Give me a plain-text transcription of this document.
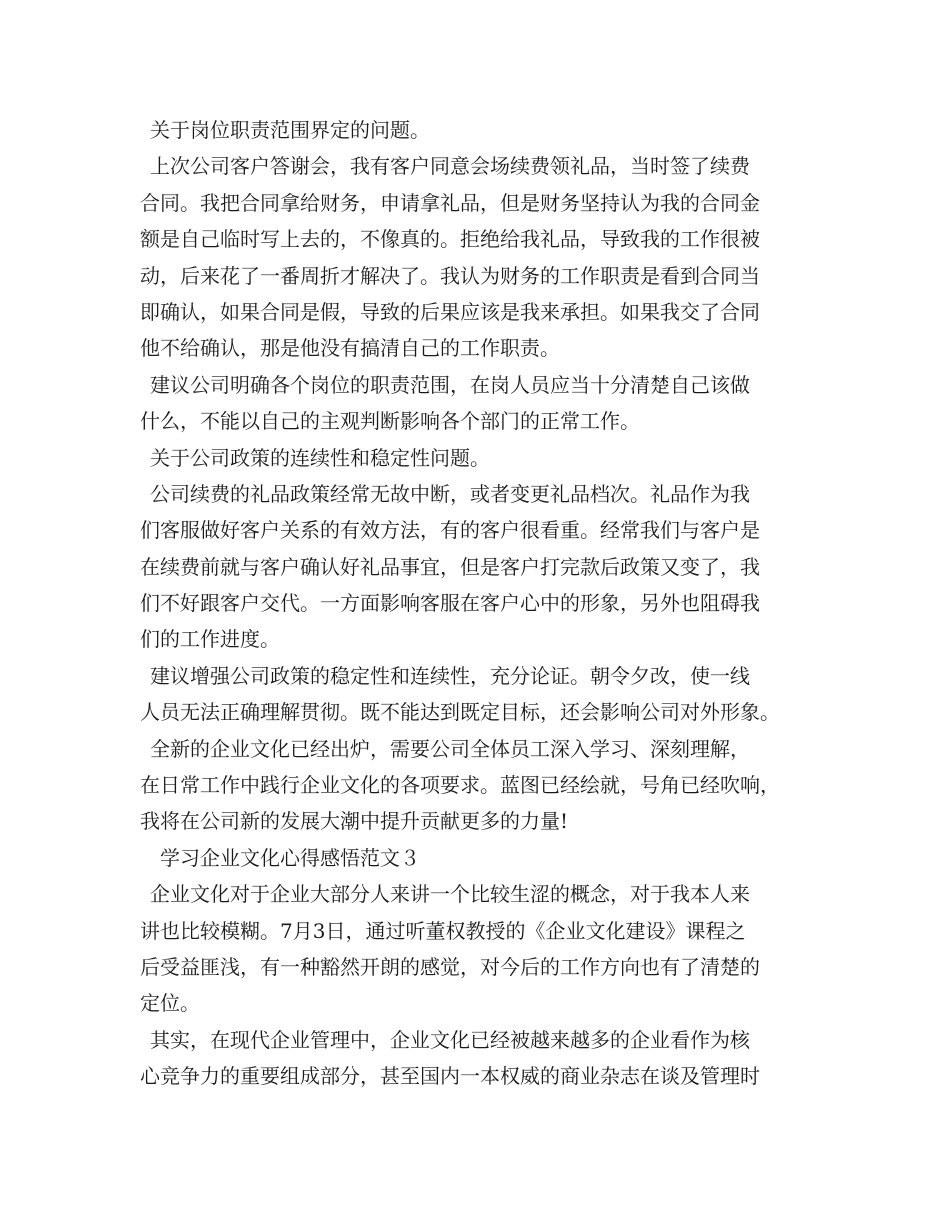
关于岗位职责范围界定的问题。
上次公司客户答谢会，我有客户同意会场续费领礼品，当时签了续费
合同。我把合同拿给财务，申请拿礼品，但是财务坚持认为我的合同金
额是自己临时写上去的，不像真的。拒绝给我礼品，导致我的工作很被
动，后来花了一番周折才解决了。我认为财务的工作职责是看到合同当
即确认，如果合同是假，导致的后果应该是我来承担。如果我交了合同
他不给确认，那是他没有搞清自己的工作职责。
建议公司明确各个岗位的职责范围，在岗人员应当十分清楚自己该做
什么，不能以自己的主观判断影响各个部门的正常工作。
关于公司政策的连续性和稳定性问题。
公司续费的礼品政策经常无故中断，或者变更礼品档次。礼品作为我
们客服做好客户关系的有效方法，有的客户很看重。经常我们与客户是
在续费前就与客户确认好礼品事宜，但是客户打完款后政策又变了，我
们不好跟客户交代。一方面影响客服在客户心中的形象，另外也阻碍我
们的工作进度。
建议增强公司政策的稳定性和连续性，充分论证。朝令夕改，使一线
人员无法正确理解贯彻。既不能达到既定目标，还会影响公司对外形象。
全新的企业文化已经出炉，需要公司全体员工深入学习、深刻理解，
在日常工作中践行企业文化的各项要求。蓝图已经绘就，号角已经吹响，
我将在公司新的发展大潮中提升贡献更多的力量!
学习企业文化心得感悟范文３
企业文化对于企业大部分人来讲一个比较生涩的概念，对于我本人来
讲也比较模糊。7月3日，通过听董权教授的《企业文化建设》课程之
后受益匪浅，有一种豁然开朗的感觉，对今后的工作方向也有了清楚的
定位。
其实，在现代企业管理中，企业文化已经被越来越多的企业看作为核
心竞争力的重要组成部分，甚至国内一本权威的商业杂志在谈及管理时
